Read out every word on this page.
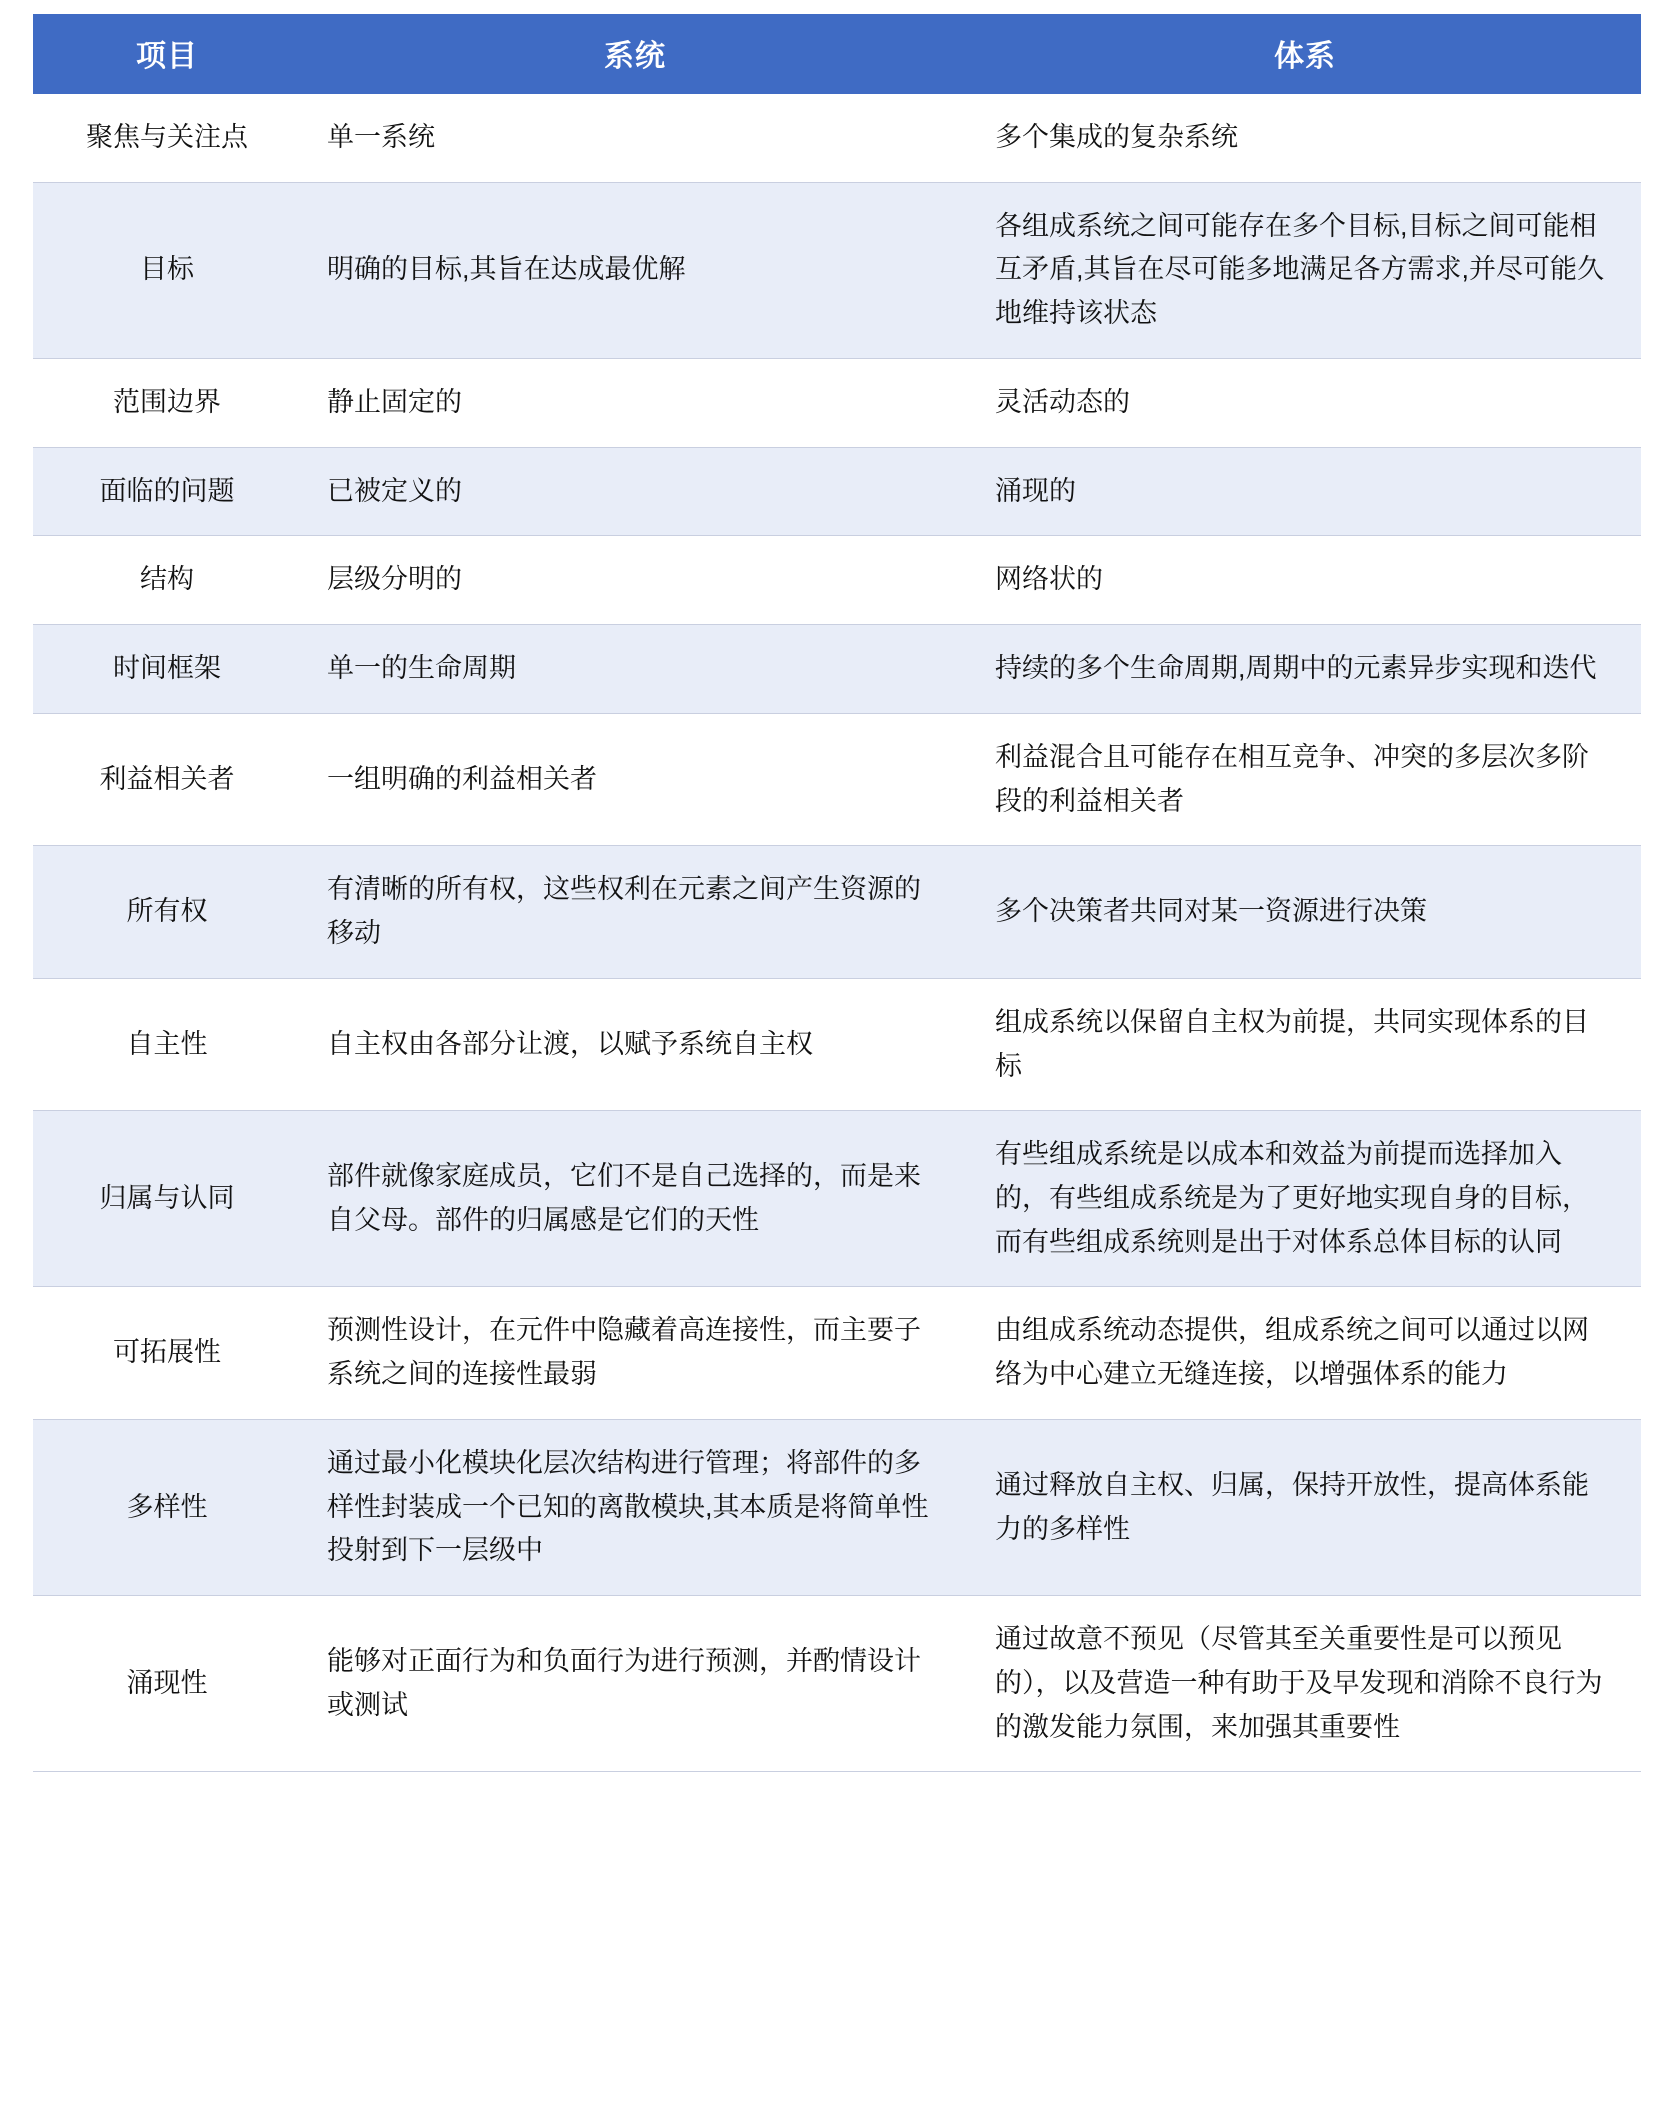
项目	系统	体系
聚焦与关注点	单一系统	多个集成的复杂系统
目标	明确的目标,其旨在达成最优解	各组成系统之间可能存在多个目标,目标之间可能相互矛盾,其旨在尽可能多地满足各方需求,并尽可能久地维持该状态
范围边界	静止固定的	灵活动态的
面临的问题	已被定义的	涌现的
结构	层级分明的	网络状的
时间框架	单一的生命周期	持续的多个生命周期,周期中的元素异步实现和迭代
利益相关者	一组明确的利益相关者	利益混合且可能存在相互竞争、冲突的多层次多阶段的利益相关者
所有权	有清晰的所有权，这些权利在元素之间产生资源的移动	多个决策者共同对某一资源进行决策
自主性	自主权由各部分让渡，以赋予系统自主权	组成系统以保留自主权为前提，共同实现体系的目标
归属与认同	部件就像家庭成员，它们不是自己选择的，而是来自父母。部件的归属感是它们的天性	有些组成系统是以成本和效益为前提而选择加入的，有些组成系统是为了更好地实现自身的目标，而有些组成系统则是出于对体系总体目标的认同
可拓展性	预测性设计，在元件中隐藏着高连接性，而主要子系统之间的连接性最弱	由组成系统动态提供，组成系统之间可以通过以网络为中心建立无缝连接，以增强体系的能力
多样性	通过最小化模块化层次结构进行管理；将部件的多样性封装成一个已知的离散模块,其本质是将简单性投射到下一层级中	通过释放自主权、归属，保持开放性，提高体系能力的多样性
涌现性	能够对正面行为和负面行为进行预测，并酌情设计或测试	通过故意不预见（尽管其至关重要性是可以预见的），以及营造一种有助于及早发现和消除不良行为的激发能力氛围，来加强其重要性
